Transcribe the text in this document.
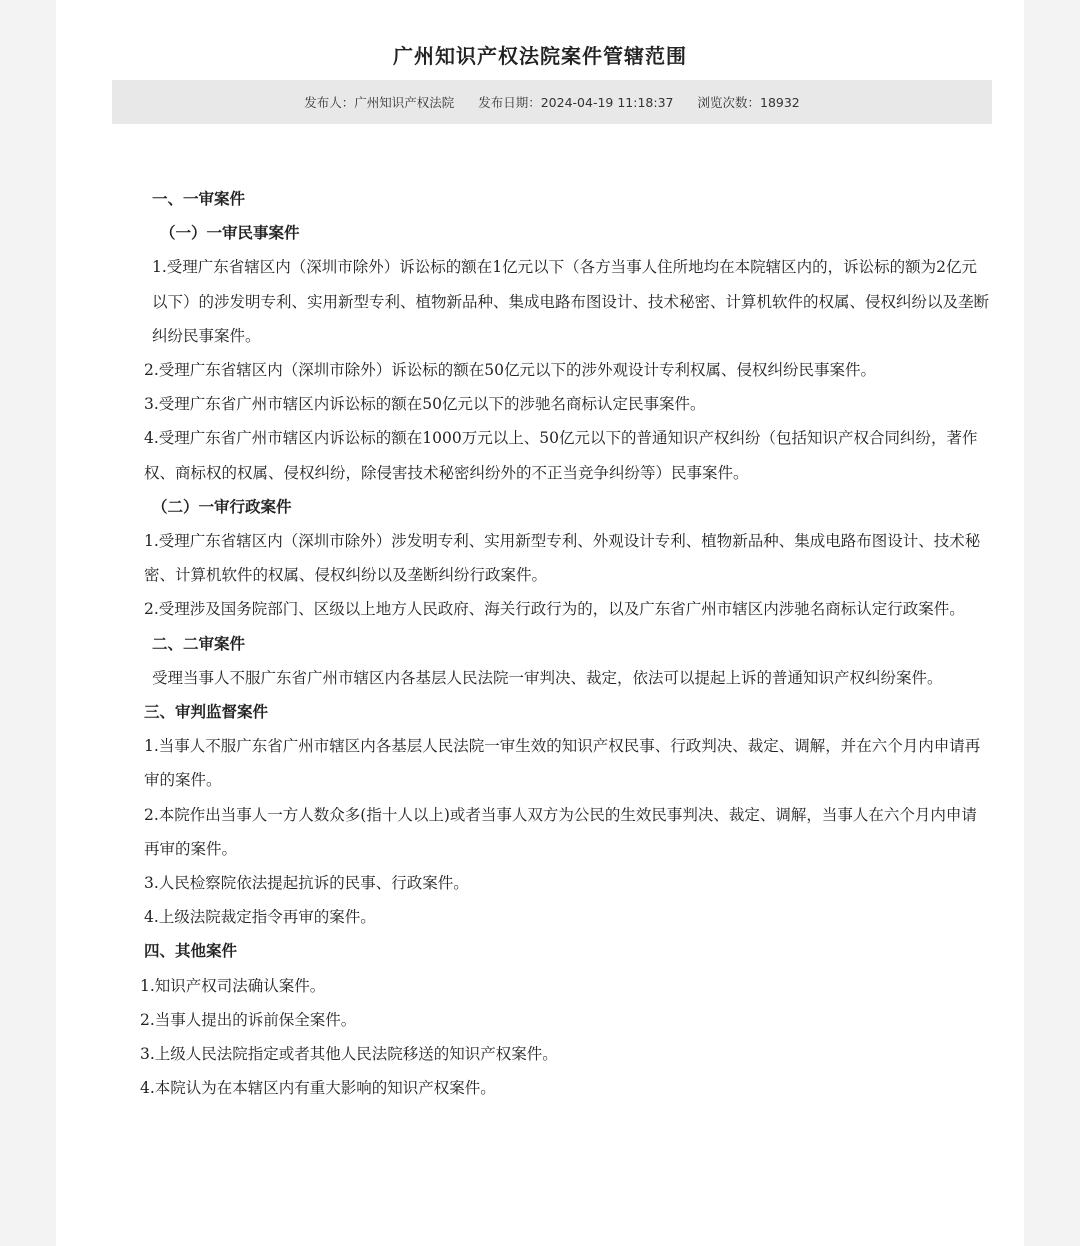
广州知识产权法院案件管辖范围
发布人：广州知识产权法院 发布日期：2024-04-19 11:18:37 浏览次数：18932

一、一审案件

（一）一审民事案件

1.受理广东省辖区内（深圳市除外）诉讼标的额在1亿元以下（各方当事人住所地均在本院辖区内的，诉讼标的额为2亿元以下）的涉发明专利、实用新型专利、植物新品种、集成电路布图设计、技术秘密、计算机软件的权属、侵权纠纷以及垄断纠纷民事案件。

2.受理广东省辖区内（深圳市除外）诉讼标的额在50亿元以下的涉外观设计专利权属、侵权纠纷民事案件。

3.受理广东省广州市辖区内诉讼标的额在50亿元以下的涉驰名商标认定民事案件。

4.受理广东省广州市辖区内诉讼标的额在1000万元以上、50亿元以下的普通知识产权纠纷（包括知识产权合同纠纷，著作权、商标权的权属、侵权纠纷，除侵害技术秘密纠纷外的不正当竞争纠纷等）民事案件。

（二）一审行政案件

1.受理广东省辖区内（深圳市除外）涉发明专利、实用新型专利、外观设计专利、植物新品种、集成电路布图设计、技术秘密、计算机软件的权属、侵权纠纷以及垄断纠纷行政案件。

2.受理涉及国务院部门、区级以上地方人民政府、海关行政行为的，以及广东省广州市辖区内涉驰名商标认定行政案件。

二、二审案件

受理当事人不服广东省广州市辖区内各基层人民法院一审判决、裁定，依法可以提起上诉的普通知识产权纠纷案件。

三、审判监督案件

1.当事人不服广东省广州市辖区内各基层人民法院一审生效的知识产权民事、行政判决、裁定、调解，并在六个月内申请再审的案件。

2.本院作出当事人一方人数众多(指十人以上)或者当事人双方为公民的生效民事判决、裁定、调解，当事人在六个月内申请再审的案件。

3.人民检察院依法提起抗诉的民事、行政案件。

4.上级法院裁定指令再审的案件。

四、其他案件

1.知识产权司法确认案件。

2.当事人提出的诉前保全案件。

3.上级人民法院指定或者其他人民法院移送的知识产权案件。

4.本院认为在本辖区内有重大影响的知识产权案件。
